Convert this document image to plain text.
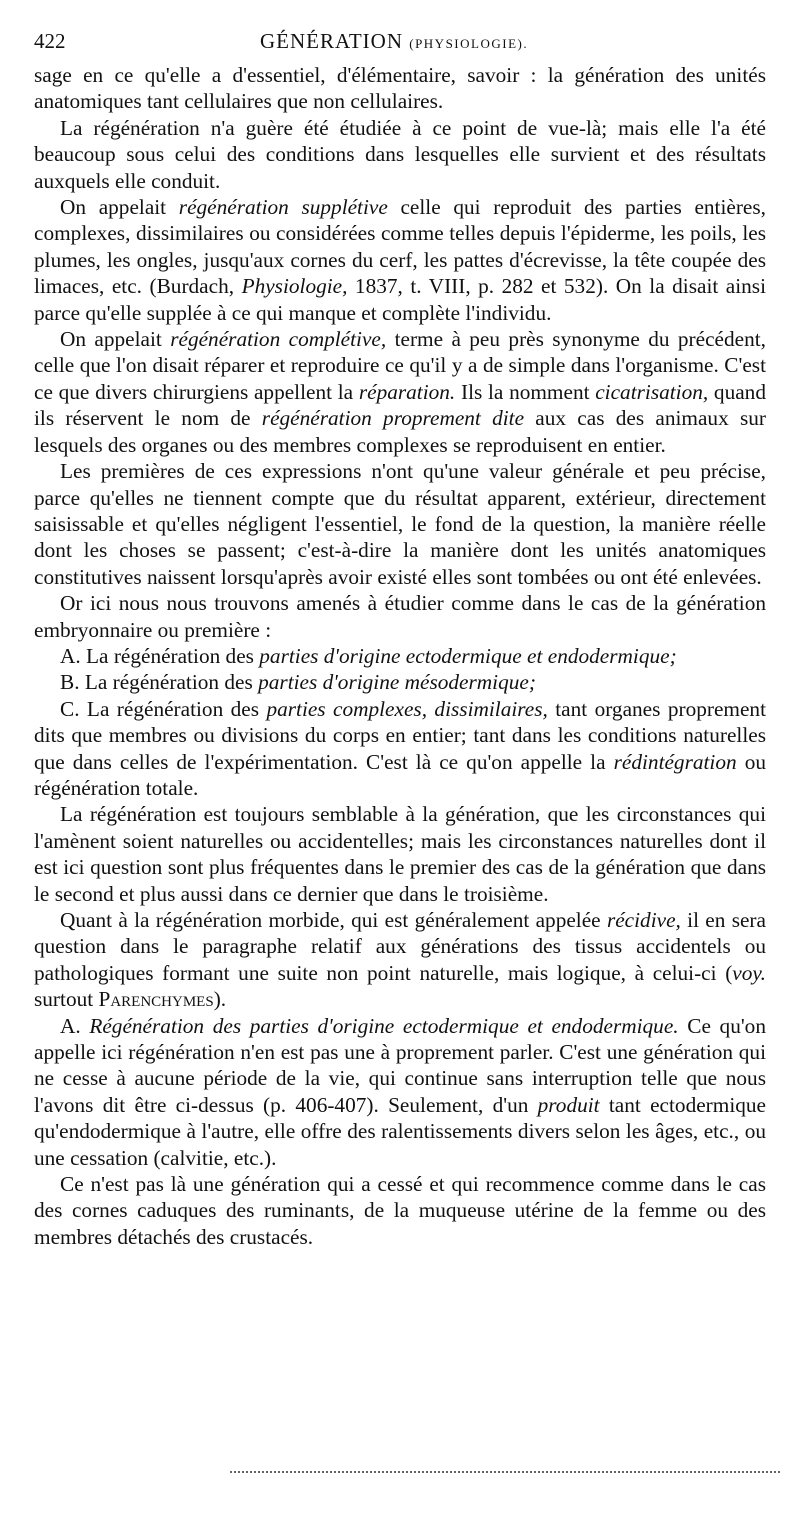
422	GÉNÉRATION (PHYSIOLOGIE).

sage en ce qu'elle a d'essentiel, d'élémentaire, savoir : la génération des unités anatomiques tant cellulaires que non cellulaires.

La régénération n'a guère été étudiée à ce point de vue-là; mais elle l'a été beaucoup sous celui des conditions dans lesquelles elle survient et des résultats auxquels elle conduit.

On appelait régénération supplétive celle qui reproduit des parties entières, complexes, dissimilaires ou considérées comme telles depuis l'épiderme, les poils, les plumes, les ongles, jusqu'aux cornes du cerf, les pattes d'écrevisse, la tête coupée des limaces, etc. (Burdach, Physiologie, 1837, t. VIII, p. 282 et 532). On la disait ainsi parce qu'elle supplée à ce qui manque et complète l'individu.

On appelait régénération complétive, terme à peu près synonyme du précédent, celle que l'on disait réparer et reproduire ce qu'il y a de simple dans l'organisme. C'est ce que divers chirurgiens appellent la réparation. Ils la nomment cicatrisation, quand ils réservent le nom de régénération proprement dite aux cas des animaux sur lesquels des organes ou des membres complexes se reproduisent en entier.

Les premières de ces expressions n'ont qu'une valeur générale et peu précise, parce qu'elles ne tiennent compte que du résultat apparent, extérieur, directement saisissable et qu'elles négligent l'essentiel, le fond de la question, la manière réelle dont les choses se passent; c'est-à-dire la manière dont les unités anatomiques constitutives naissent lorsqu'après avoir existé elles sont tombées ou ont été enlevées.

Or ici nous nous trouvons amenés à étudier comme dans le cas de la génération embryonnaire ou première :

A. La régénération des parties d'origine ectodermique et endodermique;

B. La régénération des parties d'origine mésodermique;

C. La régénération des parties complexes, dissimilaires, tant organes proprement dits que membres ou divisions du corps en entier; tant dans les conditions naturelles que dans celles de l'expérimentation. C'est là ce qu'on appelle la rédintégration ou régénération totale.

La régénération est toujours semblable à la génération, que les circonstances qui l'amènent soient naturelles ou accidentelles; mais les circonstances naturelles dont il est ici question sont plus fréquentes dans le premier des cas de la génération que dans le second et plus aussi dans ce dernier que dans le troisième.

Quant à la régénération morbide, qui est généralement appelée récidive, il en sera question dans le paragraphe relatif aux générations des tissus accidentels ou pathologiques formant une suite non point naturelle, mais logique, à celui-ci (voy. surtout Parenchymes).

A. Régénération des parties d'origine ectodermique et endodermique. Ce qu'on appelle ici régénération n'en est pas une à proprement parler. C'est une génération qui ne cesse à aucune période de la vie, qui continue sans interruption telle que nous l'avons dit être ci-dessus (p. 406-407). Seulement, d'un produit tant ectodermique qu'endodermique à l'autre, elle offre des ralentissements divers selon les âges, etc., ou une cessation (calvitie, etc.).

Ce n'est pas là une génération qui a cessé et qui recommence comme dans le cas des cornes caduques des ruminants, de la muqueuse utérine de la femme ou des membres détachés des crustacés.
